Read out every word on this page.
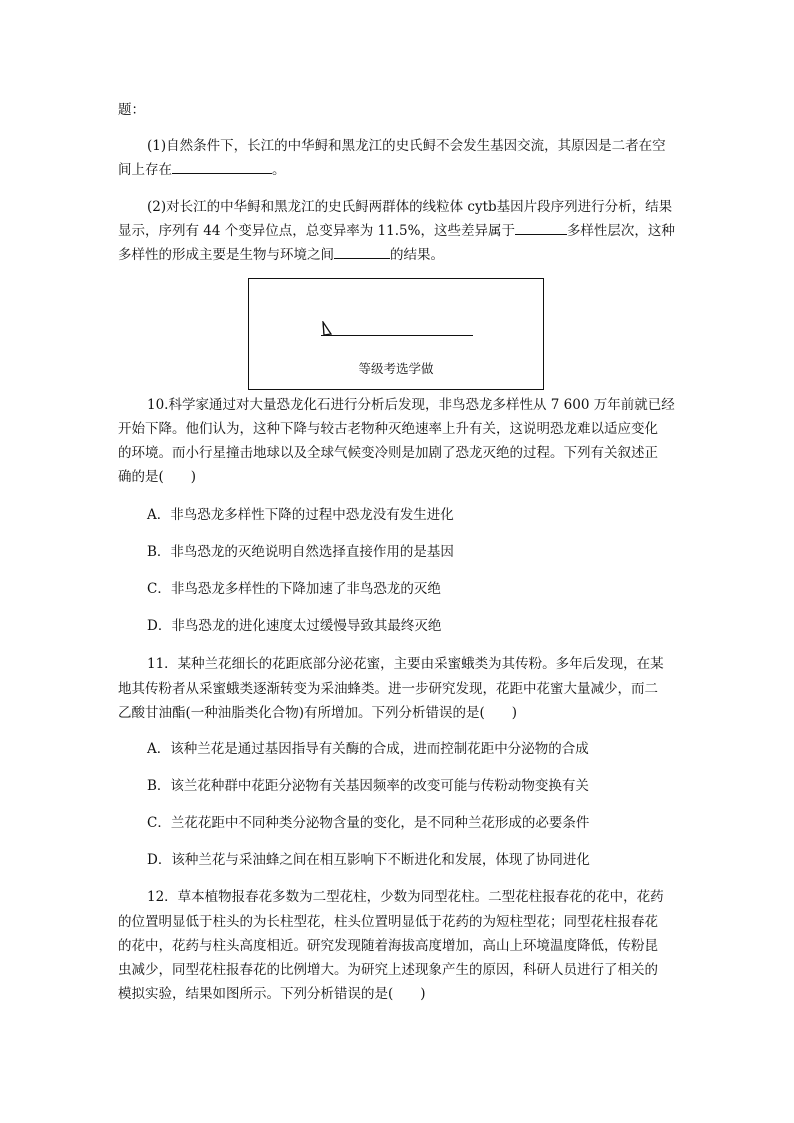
题：
(1)自然条件下，长江的中华鲟和黑龙江的史氏鲟不会发生基因交流，其原因是二者在空
间上存在	。
(2)对长江的中华鲟和黑龙江的史氏鲟两群体的线粒体 cytb基因片段序列进行分析，结果
显示，序列有 44 个变异位点，总变异率为 11.5%，这些差异属于	多样性层次，这种
多样性的形成主要是生物与环境之间	的结果。
等级考选学做
10.科学家通过对大量恐龙化石进行分析后发现，非鸟恐龙多样性从 7 600 万年前就已经
开始下降。他们认为，这种下降与较古老物种灭绝速率上升有关，这说明恐龙难以适应变化
的环境。而小行星撞击地球以及全球气候变冷则是加剧了恐龙灭绝的过程。下列有关叙述正
确的是(　　)
A．非鸟恐龙多样性下降的过程中恐龙没有发生进化
B．非鸟恐龙的灭绝说明自然选择直接作用的是基因
C．非鸟恐龙多样性的下降加速了非鸟恐龙的灭绝
D．非鸟恐龙的进化速度太过缓慢导致其最终灭绝
11．某种兰花细长的花距底部分泌花蜜，主要由采蜜蛾类为其传粉。多年后发现，在某
地其传粉者从采蜜蛾类逐渐转变为采油蜂类。进一步研究发现，花距中花蜜大量减少，而二
乙酸甘油酯(一种油脂类化合物)有所增加。下列分析错误的是(　　)
A．该种兰花是通过基因指导有关酶的合成，进而控制花距中分泌物的合成
B．该兰花种群中花距分泌物有关基因频率的改变可能与传粉动物变换有关
C．兰花花距中不同种类分泌物含量的变化，是不同种兰花形成的必要条件
D．该种兰花与采油蜂之间在相互影响下不断进化和发展，体现了协同进化
12．草本植物报春花多数为二型花柱，少数为同型花柱。二型花柱报春花的花中，花药
的位置明显低于柱头的为长柱型花，柱头位置明显低于花药的为短柱型花；同型花柱报春花
的花中，花药与柱头高度相近。研究发现随着海拔高度增加，高山上环境温度降低，传粉昆
虫减少，同型花柱报春花的比例增大。为研究上述现象产生的原因，科研人员进行了相关的
模拟实验，结果如图所示。下列分析错误的是(　　)
